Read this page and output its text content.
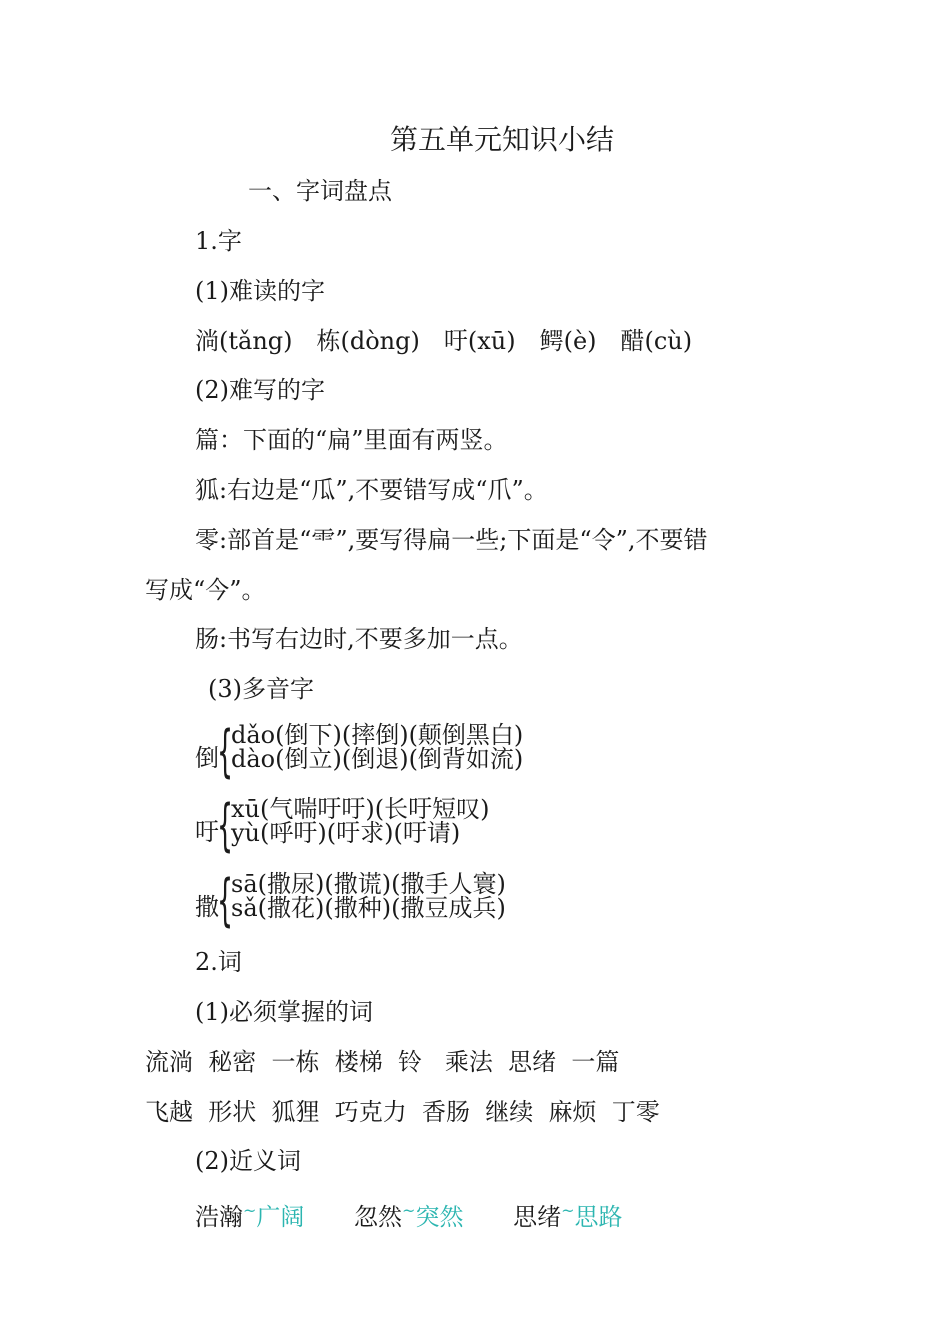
第五单元知识小结
一、字词盘点
1.字
(1)难读的字
淌(tǎng)　栋(dòng)　吁(xū)　鳄(è)　醋(cù)
(2)难写的字
篇：下面的“扁”里面有两竖。
狐:右边是“瓜”,不要错写成“爪”。
零:部首是“⻗”,要写得扁一些;下面是“令”,不要错
写成“今”。
肠:书写右边时,不要多加一点。
(3)多音字
倒
{
dǎo(倒下)(摔倒)(颠倒黑白)
dào(倒立)(倒退)(倒背如流)
吁
{
xū(气喘吁吁)(长吁短叹)
yù(呼吁)(吁求)(吁请)
撒
{
sā(撒尿)(撒谎)(撒手人寰)
sǎ(撒花)(撒种)(撒豆成兵)
2.词
(1)必须掌握的词
流淌  秘密  一栋  楼梯  铃   乘法  思绪  一篇
飞越  形状  狐狸  巧克力  香肠  继续  麻烦  丁零
(2)近义词
浩瀚~广阔 忽然~突然 思绪~思路
